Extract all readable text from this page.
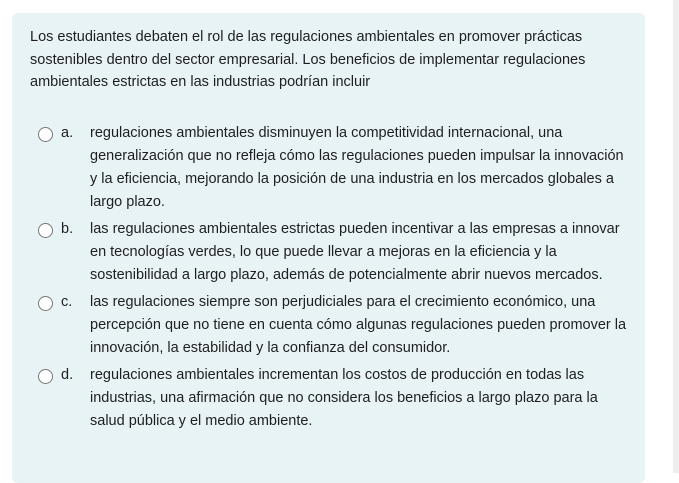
Los estudiantes debaten el rol de las regulaciones ambientales en promover prácticas sostenibles dentro del sector empresarial. Los beneficios de implementar regulaciones ambientales estrictas en las industrias podrían incluir

a. regulaciones ambientales disminuyen la competitividad internacional, una generalización que no refleja cómo las regulaciones pueden impulsar la innovación y la eficiencia, mejorando la posición de una industria en los mercados globales a largo plazo.
b. las regulaciones ambientales estrictas pueden incentivar a las empresas a innovar en tecnologías verdes, lo que puede llevar a mejoras en la eficiencia y la sostenibilidad a largo plazo, además de potencialmente abrir nuevos mercados.
c. las regulaciones siempre son perjudiciales para el crecimiento económico, una percepción que no tiene en cuenta cómo algunas regulaciones pueden promover la innovación, la estabilidad y la confianza del consumidor.
d. regulaciones ambientales incrementan los costos de producción en todas las industrias, una afirmación que no considera los beneficios a largo plazo para la salud pública y el medio ambiente.
